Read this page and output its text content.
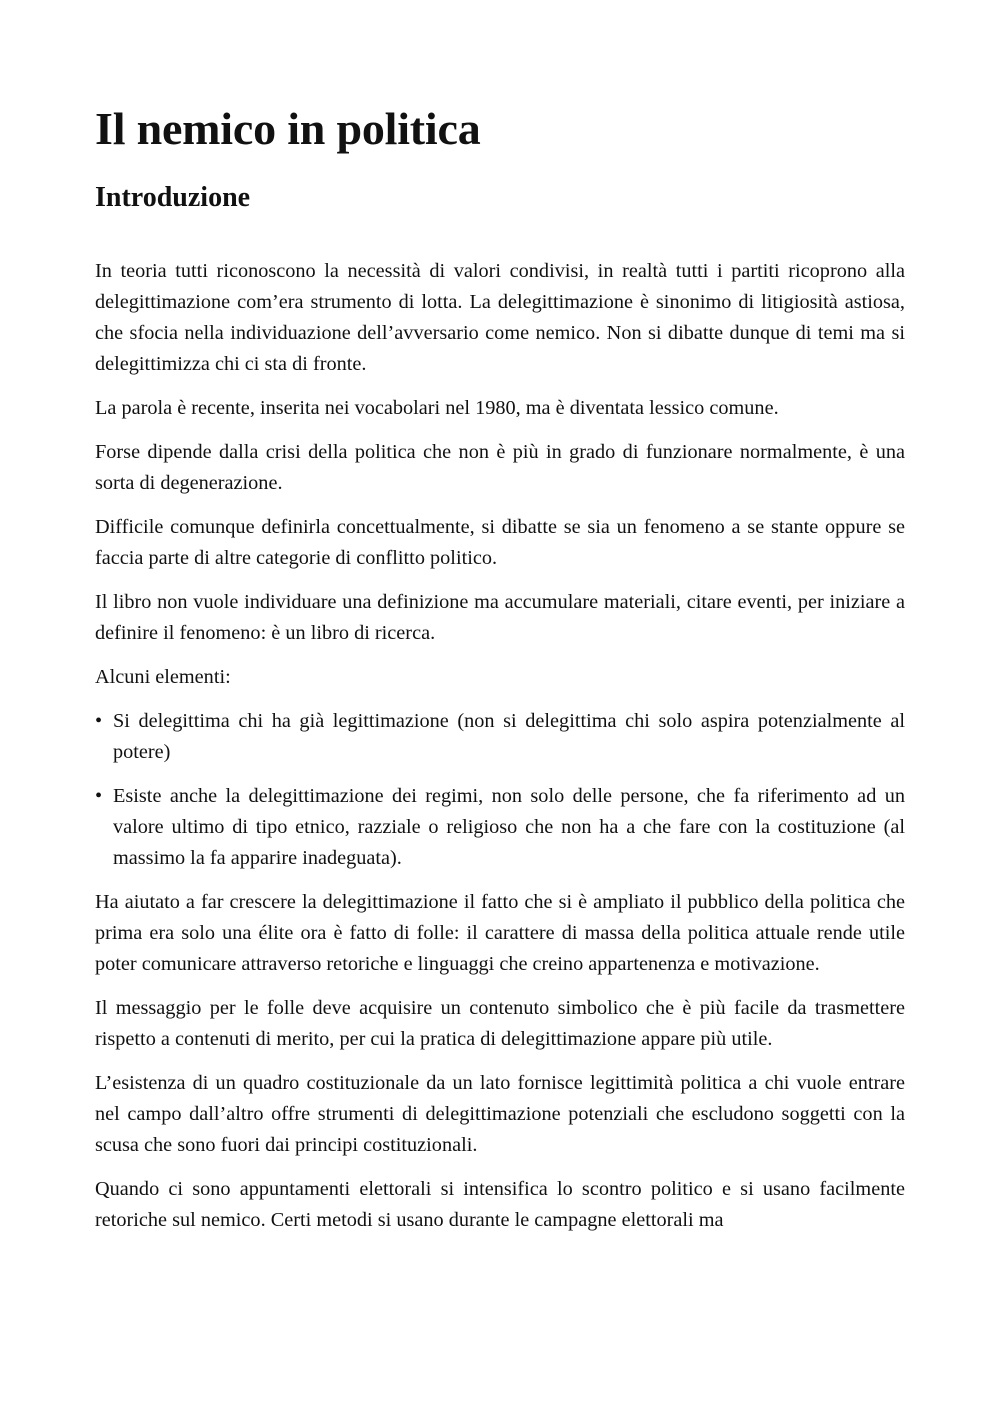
Il nemico in politica
Introduzione

In teoria tutti riconoscono la necessità di valori condivisi, in realtà tutti i partiti ricoprono alla delegittimazione com’era strumento di lotta. La delegittimazione è sinonimo di litigiosità astiosa, che sfocia nella individuazione dell’avversario come nemico. Non si dibatte dunque di temi ma si delegittimizza chi ci sta di fronte.

La parola è recente, inserita nei vocabolari nel 1980, ma è diventata lessico comune.

Forse dipende dalla crisi della politica che non è più in grado di funzionare normalmente, è una sorta di degenerazione.

Difficile comunque definirla concettualmente, si dibatte se sia un fenomeno a se stante oppure se faccia parte di altre categorie di conflitto politico.

Il libro non vuole individuare una definizione ma accumulare materiali, citare eventi, per iniziare a definire il fenomeno: è un libro di ricerca.

Alcuni elementi:

• Si delegittima chi ha già legittimazione (non si delegittima chi solo aspira potenzialmente al potere)
• Esiste anche la delegittimazione dei regimi, non solo delle persone, che fa riferimento ad un valore ultimo di tipo etnico, razziale o religioso che non ha a che fare con la costituzione (al massimo la fa apparire inadeguata).

Ha aiutato a far crescere la delegittimazione il fatto che si è ampliato il pubblico della politica che prima era solo una élite ora è fatto di folle: il carattere di massa della politica attuale rende utile poter comunicare attraverso retoriche e linguaggi che creino appartenenza e motivazione.

Il messaggio per le folle deve acquisire un contenuto simbolico che è più facile da trasmettere rispetto a contenuti di merito, per cui la pratica di delegittimazione appare più utile.

L’esistenza di un quadro costituzionale da un lato fornisce legittimità politica a chi vuole entrare nel campo dall’altro offre strumenti di delegittimazione potenziali che escludono soggetti con la scusa che sono fuori dai principi costituzionali.

Quando ci sono appuntamenti elettorali si intensifica lo scontro politico e si usano facilmente retoriche sul nemico. Certi metodi si usano durante le campagne elettorali ma
